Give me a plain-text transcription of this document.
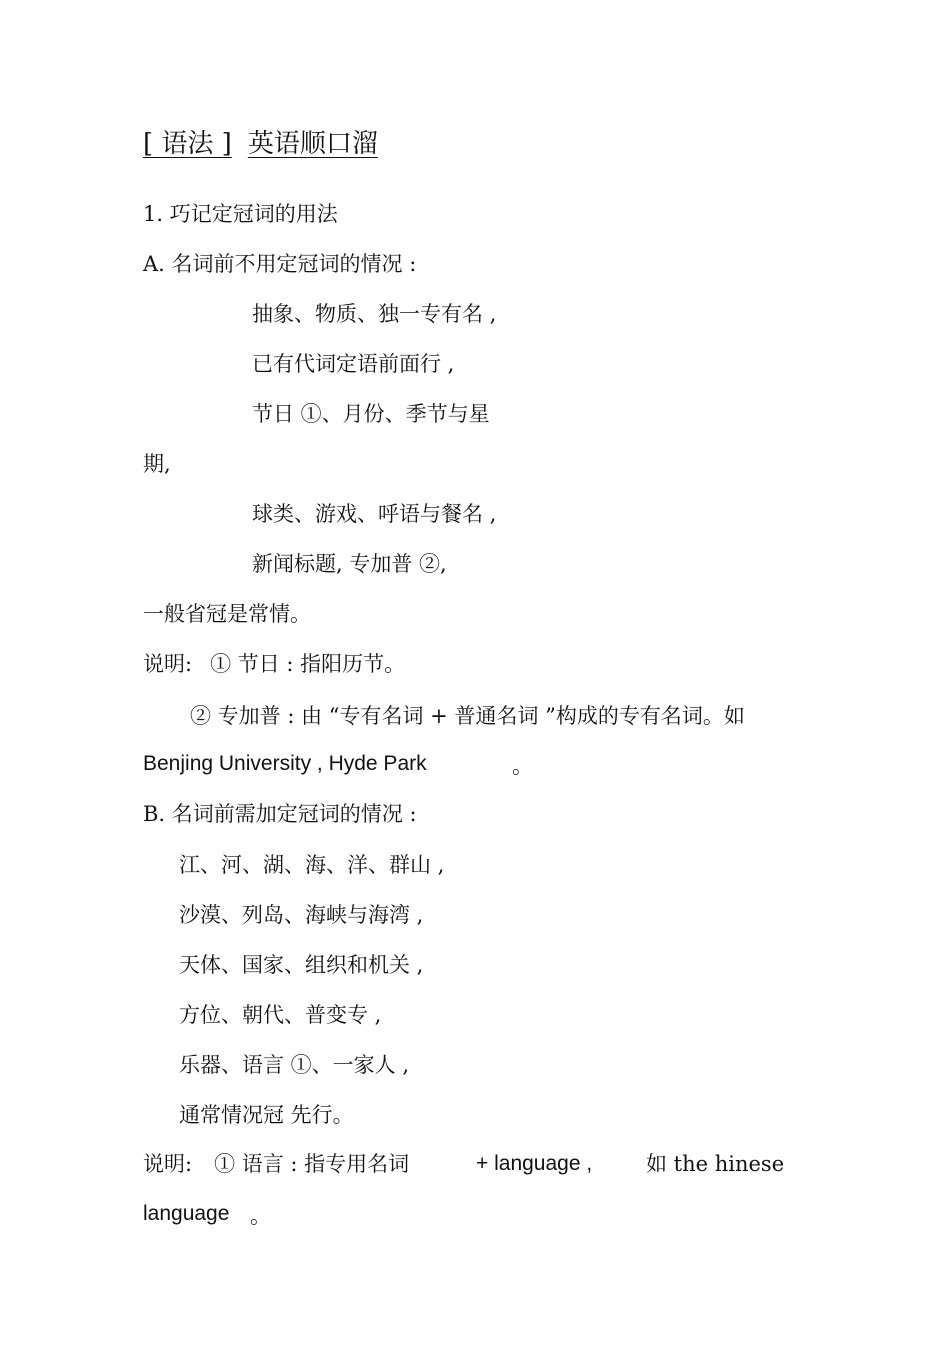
[ 语法 ] 英语顺口溜
1. 巧记定冠词的用法
A. 名词前不用定冠词的情况 :
抽象、物质、独一专有名 ,
已有代词定语前面行 ,
节日 ①、月份、季节与星
期,
球类、游戏、呼语与餐名 ,
新闻标题, 专加普 ②,
一般省冠是常情。
说明: ① 节日 : 指阳历节。
② 专加普 : 由 “专有名词 + 普通名词 ”构成的专有名词。如
Benjing University , Hyde Park	。
B. 名词前需加定冠词的情况 :
江、河、湖、海、洋、群山 ,
沙漠、列岛、海峡与海湾 ,
天体、国家、组织和机关 ,
方位、朝代、普变专 ,
乐器、语言 ①、一家人 ,
通常情况冠 先行。
说明: ① 语言 : 指专用名词	+ language ,	如 the hinese
language 。
